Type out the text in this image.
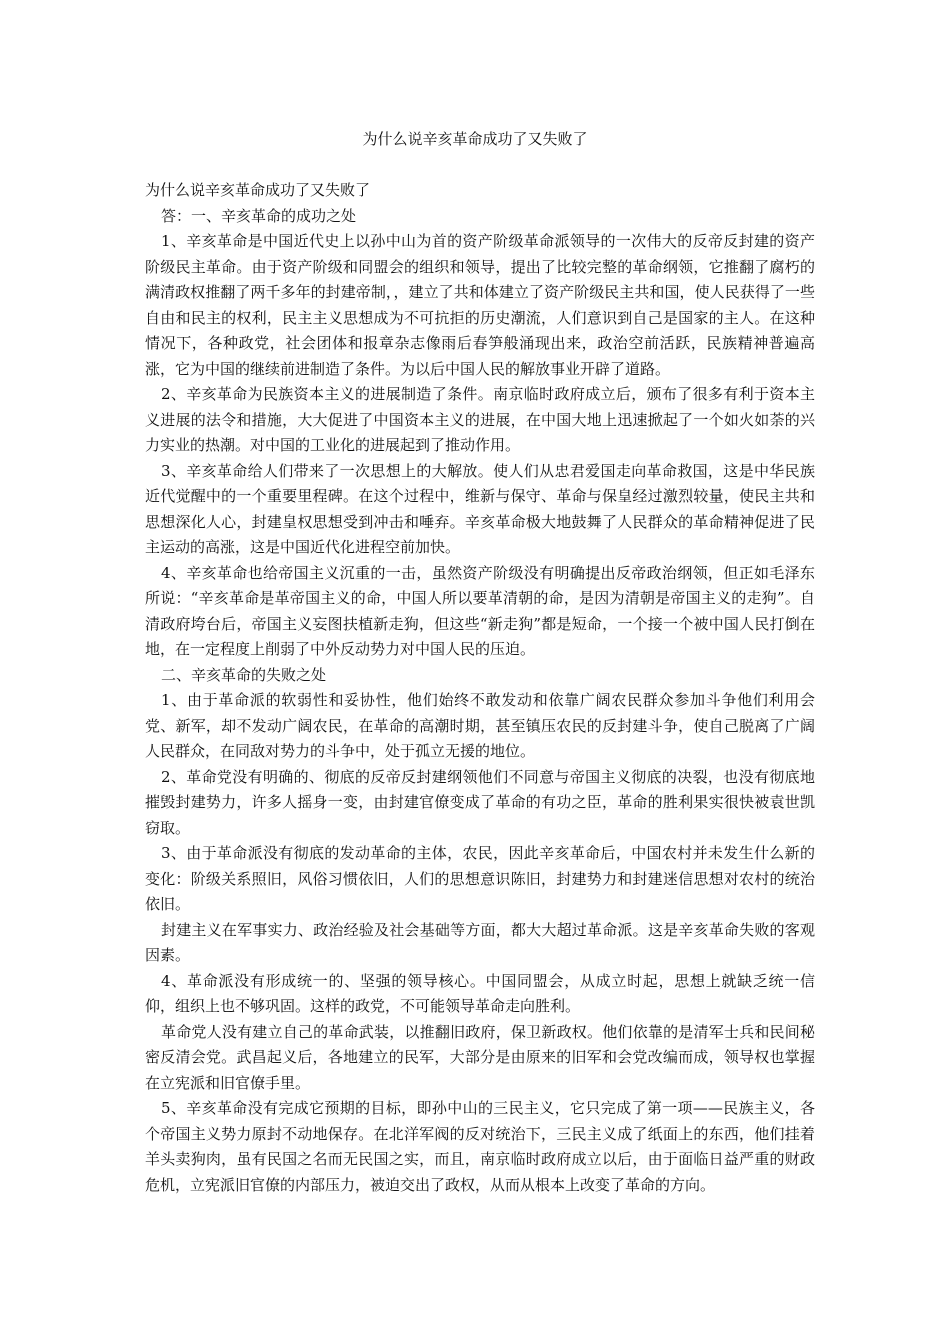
为什么说辛亥革命成功了又失败了

为什么说辛亥革命成功了又失败了

答：一、辛亥革命的成功之处

1、辛亥革命是中国近代史上以孙中山为首的资产阶级革命派领导的一次伟大的反帝反封建的资产阶级民主革命。由于资产阶级和同盟会的组织和领导，提出了比较完整的革命纲领，它推翻了腐朽的满清政权推翻了两千多年的封建帝制，，建立了共和体建立了资产阶级民主共和国，使人民获得了一些自由和民主的权利，民主主义思想成为不可抗拒的历史潮流，人们意识到自己是国家的主人。在这种情况下，各种政党，社会团体和报章杂志像雨后春笋般涌现出来，政治空前活跃，民族精神普遍高涨，它为中国的继续前进制造了条件。为以后中国人民的解放事业开辟了道路。

2、辛亥革命为民族资本主义的进展制造了条件。南京临时政府成立后，颁布了很多有利于资本主义进展的法令和措施，大大促进了中国资本主义的进展，在中国大地上迅速掀起了一个如火如荼的兴力实业的热潮。对中国的工业化的进展起到了推动作用。

3、辛亥革命给人们带来了一次思想上的大解放。使人们从忠君爱国走向革命救国，这是中华民族近代觉醒中的一个重要里程碑。在这个过程中，维新与保守、革命与保皇经过激烈较量，使民主共和思想深化人心，封建皇权思想受到冲击和唾弃。辛亥革命极大地鼓舞了人民群众的革命精神促进了民主运动的高涨，这是中国近代化进程空前加快。

4、辛亥革命也给帝国主义沉重的一击，虽然资产阶级没有明确提出反帝政治纲领，但正如毛泽东所说：“辛亥革命是革帝国主义的命，中国人所以要革清朝的命，是因为清朝是帝国主义的走狗”。自清政府垮台后，帝国主义妄图扶植新走狗，但这些“新走狗”都是短命，一个接一个被中国人民打倒在地，在一定程度上削弱了中外反动势力对中国人民的压迫。

二、辛亥革命的失败之处

1、由于革命派的软弱性和妥协性，他们始终不敢发动和依靠广阔农民群众参加斗争他们利用会党、新军，却不发动广阔农民，在革命的高潮时期，甚至镇压农民的反封建斗争，使自己脱离了广阔人民群众，在同敌对势力的斗争中，处于孤立无援的地位。

2、革命党没有明确的、彻底的反帝反封建纲领他们不同意与帝国主义彻底的决裂，也没有彻底地摧毁封建势力，许多人摇身一变，由封建官僚变成了革命的有功之臣，革命的胜利果实很快被袁世凯窃取。

3、由于革命派没有彻底的发动革命的主体，农民，因此辛亥革命后，中国农村并未发生什么新的变化：阶级关系照旧，风俗习惯依旧，人们的思想意识陈旧，封建势力和封建迷信思想对农村的统治依旧。

封建主义在军事实力、政治经验及社会基础等方面，都大大超过革命派。这是辛亥革命失败的客观因素。

4、革命派没有形成统一的、坚强的领导核心。中国同盟会，从成立时起，思想上就缺乏统一信仰，组织上也不够巩固。这样的政党，不可能领导革命走向胜利。

革命党人没有建立自己的革命武装，以推翻旧政府，保卫新政权。他们依靠的是清军士兵和民间秘密反清会党。武昌起义后，各地建立的民军，大部分是由原来的旧军和会党改编而成，领导权也掌握在立宪派和旧官僚手里。

5、辛亥革命没有完成它预期的目标，即孙中山的三民主义，它只完成了第一项——民族主义，各个帝国主义势力原封不动地保存。在北洋军阀的反对统治下，三民主义成了纸面上的东西，他们挂着羊头卖狗肉，虽有民国之名而无民国之实，而且，南京临时政府成立以后，由于面临日益严重的财政危机，立宪派旧官僚的内部压力，被迫交出了政权，从而从根本上改变了革命的方向。
